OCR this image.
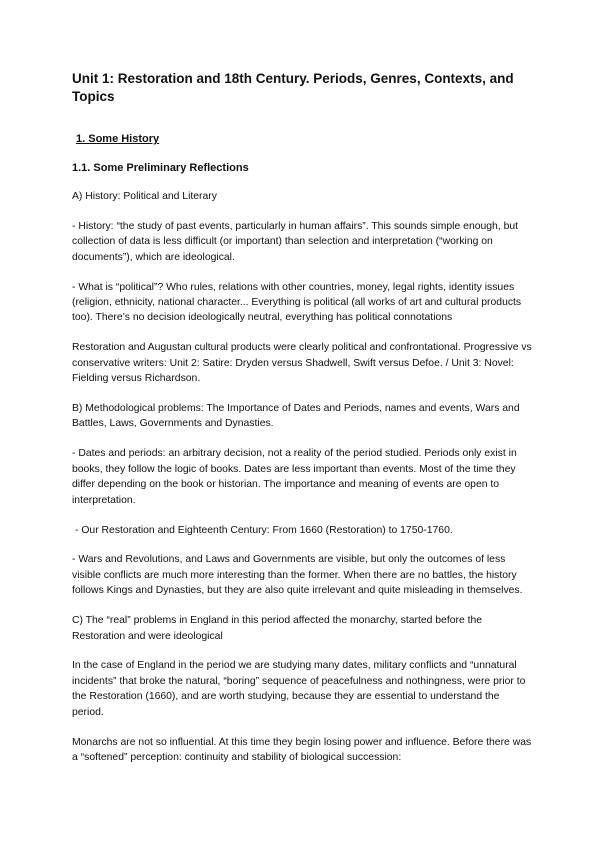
Unit 1: Restoration and 18th Century. Periods, Genres, Contexts, and Topics
1. Some History
1.1. Some Preliminary Reflections

A) History: Political and Literary

- History: “the study of past events, particularly in human affairs”. This sounds simple enough, but collection of data is less difficult (or important) than selection and interpretation (“working on documents”), which are ideological.

- What is “political”? Who rules, relations with other countries, money, legal rights, identity issues (religion, ethnicity, national character... Everything is political (all works of art and cultural products too). There’s no decision ideologically neutral, everything has political connotations

Restoration and Augustan cultural products were clearly political and confrontational. Progressive vs conservative writers: Unit 2: Satire: Dryden versus Shadwell, Swift versus Defoe. / Unit 3: Novel: Fielding versus Richardson.

B) Methodological problems: The Importance of Dates and Periods, names and events, Wars and Battles, Laws, Governments and Dynasties.

- Dates and periods: an arbitrary decision, not a reality of the period studied. Periods only exist in books, they follow the logic of books. Dates are less important than events. Most of the time they differ depending on the book or historian. The importance and meaning of events are open to interpretation.

- Our Restoration and Eighteenth Century: From 1660 (Restoration) to 1750-1760.

- Wars and Revolutions, and Laws and Governments are visible, but only the outcomes of less visible conflicts are much more interesting than the former. When there are no battles, the history follows Kings and Dynasties, but they are also quite irrelevant and quite misleading in themselves.

C) The “real” problems in England in this period affected the monarchy, started before the Restoration and were ideological

In the case of England in the period we are studying many dates, military conflicts and “unnatural incidents” that broke the natural, “boring” sequence of peacefulness and nothingness, were prior to the Restoration (1660), and are worth studying, because they are essential to understand the period.

Monarchs are not so influential. At this time they begin losing power and influence. Before there was a “softened” perception: continuity and stability of biological succession:
